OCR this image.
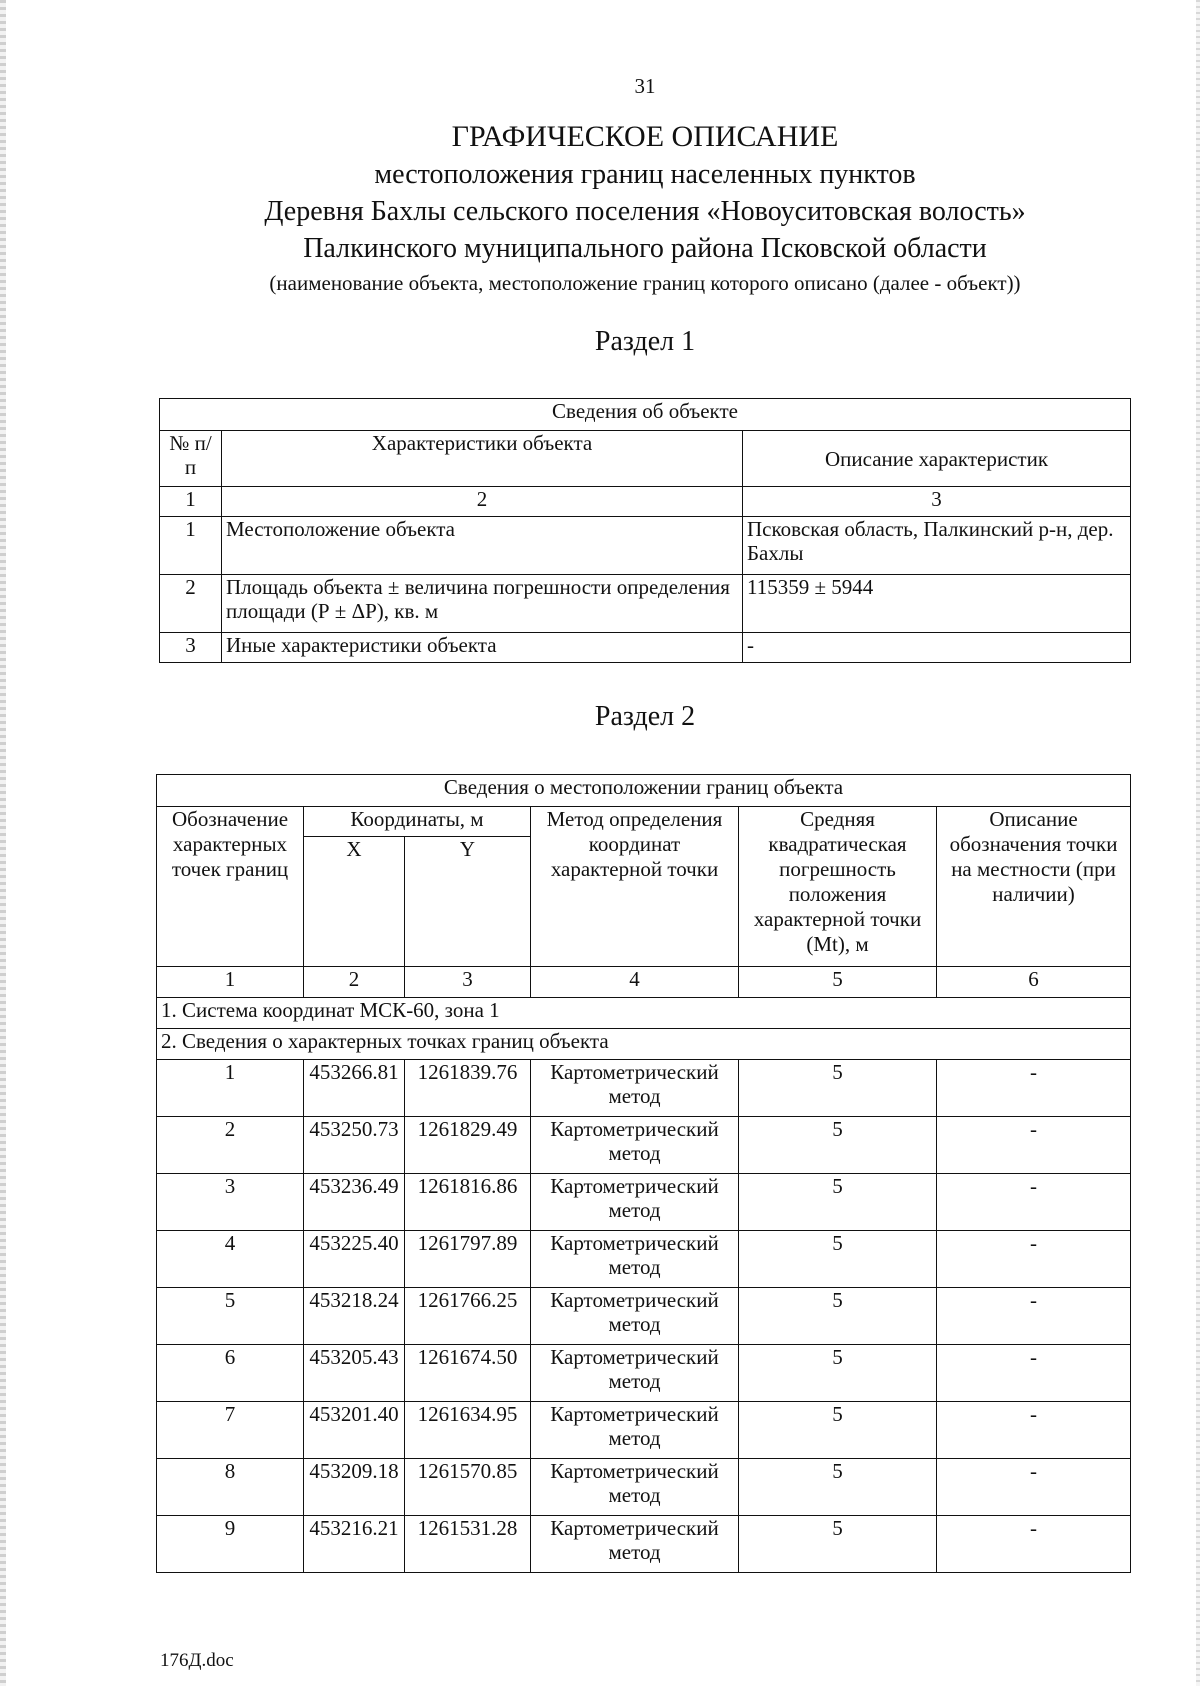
31
ГРАФИЧЕСКОЕ ОПИСАНИЕ
местоположения границ населенных пунктов
Деревня Бахлы сельского поселения «Новоуситовская волость»
Палкинского муниципального района Псковской области
(наименование объекта, местоположение границ которого описано (далее - объект))
Раздел 1
Сведения об объекте		
№ п/п	Характеристики объекта	Описание характеристик
1	2	3
1	Местоположение объекта	Псковская область, Палкинский р-н, дер. Бахлы
2	Площадь объекта ± величина погрешности определения площади (Р ± ΔР), кв. м	115359 ± 5944
3	Иные характеристики объекта	-
Раздел 2
Сведения о местоположении границ объекта					
Обозначение характерных точек границ	Координаты, м		Метод определения координат характерной точки	Средняя квадратическая погрешность положения характерной точки (Mt), м	Описание обозначения точки на местности (при наличии)
	X	Y			
1	2	3	4	5	6
1. Система координат МСК-60, зона 1					
2. Сведения о характерных точках границ объекта					
1	453266.81	1261839.76	Картометрический метод	5	-
2	453250.73	1261829.49	Картометрический метод	5	-
3	453236.49	1261816.86	Картометрический метод	5	-
4	453225.40	1261797.89	Картометрический метод	5	-
5	453218.24	1261766.25	Картометрический метод	5	-
6	453205.43	1261674.50	Картометрический метод	5	-
7	453201.40	1261634.95	Картометрический метод	5	-
8	453209.18	1261570.85	Картометрический метод	5	-
9	453216.21	1261531.28	Картометрический метод	5	-
176Д.doc
